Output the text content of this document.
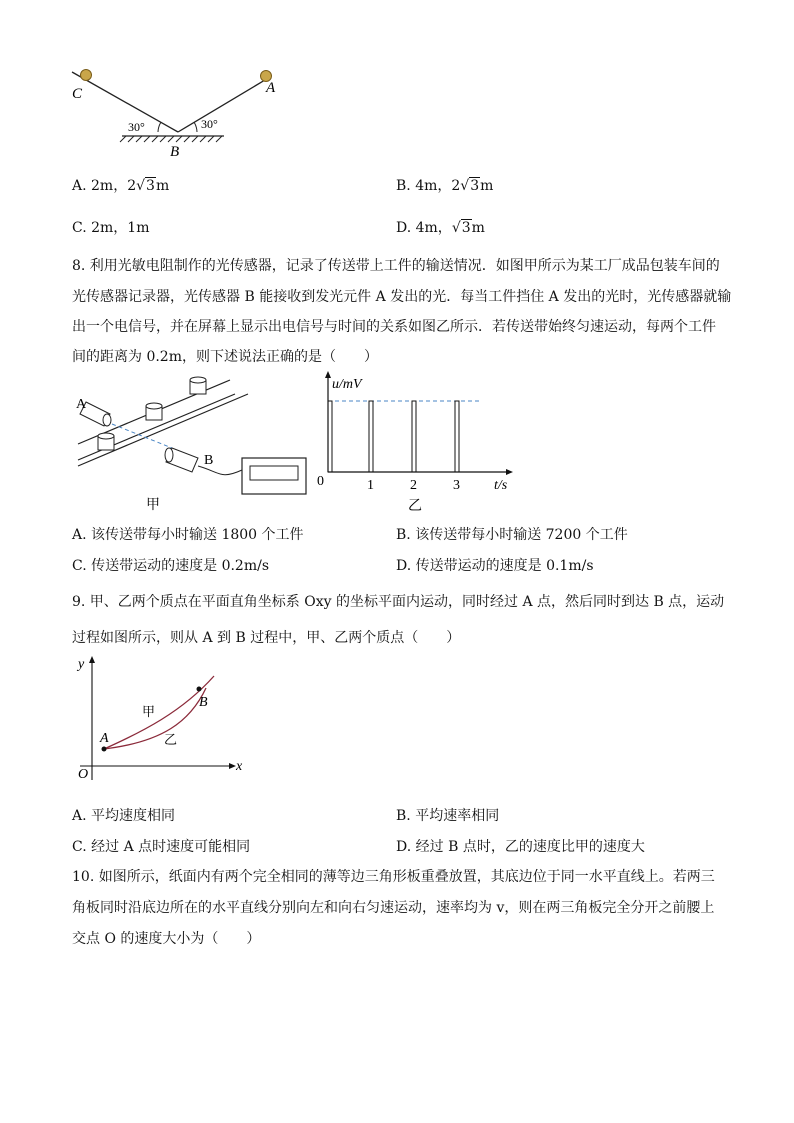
C	A
B
30°	30°
A. 2m，2√3m	B. 4m，2√3m
C. 2m，1m	D. 4m，√3m
8. 利用光敏电阻制作的光传感器，记录了传送带上工件的输送情况．如图甲所示为某工厂成品包装车间的
光传感器记录器，光传感器 B 能接收到发光元件 A 发出的光．每当工件挡住 A 发出的光时，光传感器就输
出一个电信号，并在屏幕上显示出电信号与时间的关系如图乙所示．若传送带始终匀速运动，每两个工件
间的距离为 0.2m，则下述说法正确的是（　　）
A
B
甲
u/mV
t/s
0	1	2	3
乙
A. 该传送带每小时输送 1800 个工件	B. 该传送带每小时输送 7200 个工件
C. 传送带运动的速度是 0.2m/s	D. 传送带运动的速度是 0.1m/s
9. 甲、乙两个质点在平面直角坐标系 Oxy 的坐标平面内运动，同时经过 A 点，然后同时到达 B 点，运动
过程如图所示，则从 A 到 B 过程中，甲、乙两个质点（　　）
y
x
O
A
B
甲
乙
A. 平均速度相同	B. 平均速率相同
C. 经过 A 点时速度可能相同	D. 经过 B 点时，乙的速度比甲的速度大
10. 如图所示，纸面内有两个完全相同的薄等边三角形板重叠放置，其底边位于同一水平直线上。若两三
角板同时沿底边所在的水平直线分别向左和向右匀速运动，速率均为 v，则在两三角板完全分开之前腰上
交点 O 的速度大小为（　　）
